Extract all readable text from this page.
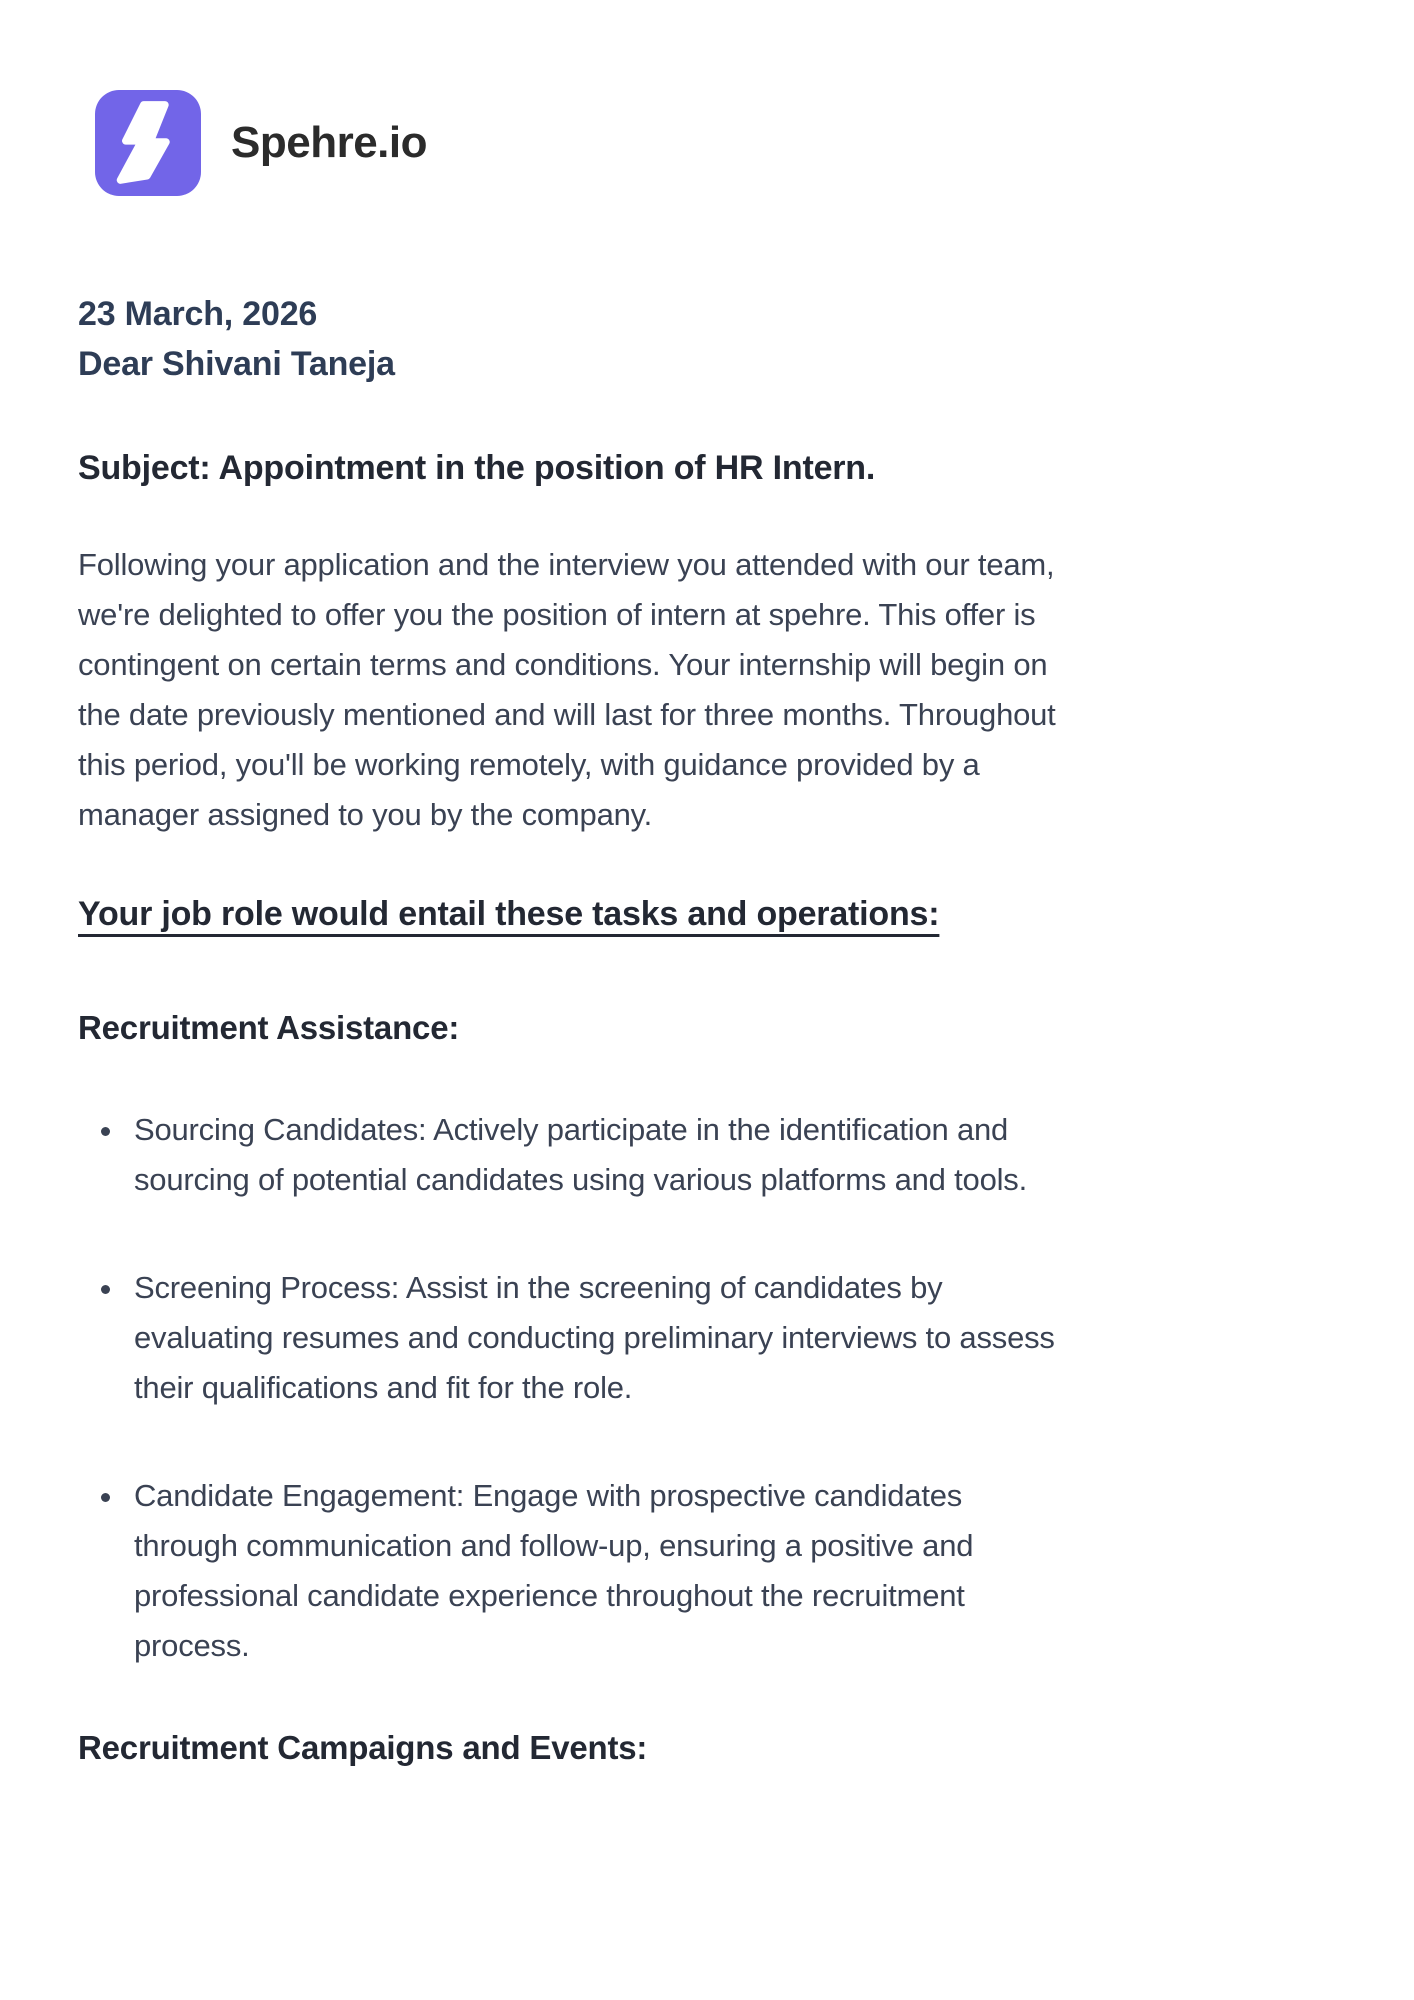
Spehre.io

23 March, 2026
Dear Shivani Taneja

Subject: Appointment in the position of HR Intern.

Following your application and the interview you attended with our team, we're delighted to offer you the position of intern at spehre. This offer is contingent on certain terms and conditions. Your internship will begin on the date previously mentioned and will last for three months. Throughout this period, you'll be working remotely, with guidance provided by a manager assigned to you by the company.

Your job role would entail these tasks and operations:

Recruitment Assistance:

• Sourcing Candidates: Actively participate in the identification and sourcing of potential candidates using various platforms and tools.
• Screening Process: Assist in the screening of candidates by evaluating resumes and conducting preliminary interviews to assess their qualifications and fit for the role.
• Candidate Engagement: Engage with prospective candidates through communication and follow-up, ensuring a positive and professional candidate experience throughout the recruitment process.

Recruitment Campaigns and Events:
